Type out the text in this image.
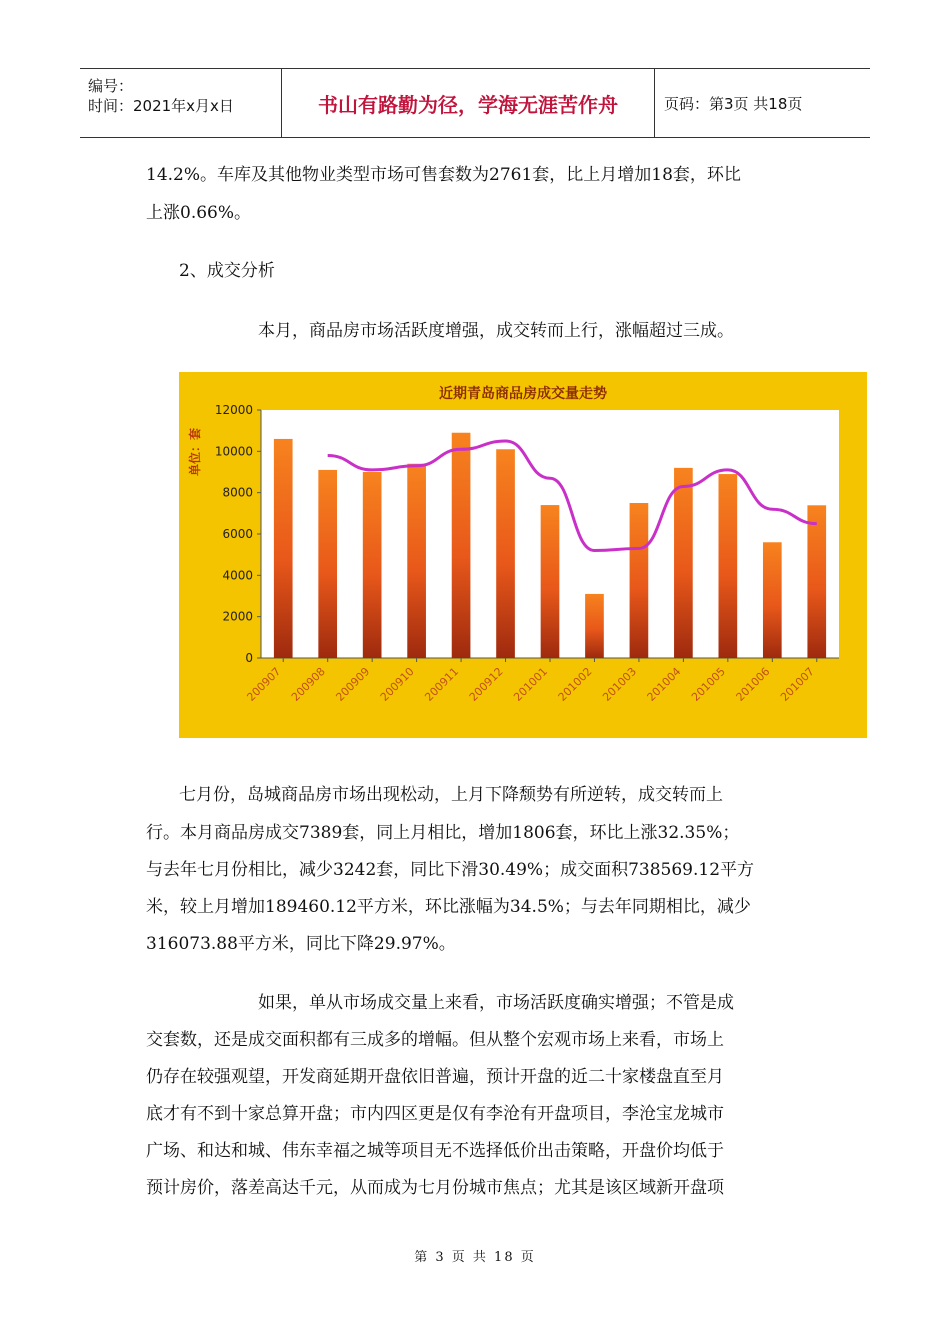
编号：
时间：2021年x月x日	书山有路勤为径，学海无涯苦作舟	页码：第3页 共18页
14.2%。车库及其他物业类型市场可售套数为2761套，比上月增加18套，环比
上涨0.66%。
2、成交分析
本月，商品房市场活跃度增强，成交转而上行，涨幅超过三成。
近期青岛商品房成交量走势
单位：套
12000
10000
8000
6000
4000
2000
0
200907 200908 200909 200910 200911 200912 201001 201002 201003 201004 201005 201006 201007
七月份，岛城商品房市场出现松动，上月下降颓势有所逆转，成交转而上
行。本月商品房成交7389套，同上月相比，增加1806套，环比上涨32.35%；
与去年七月份相比，减少3242套，同比下滑30.49%；成交面积738569.12平方
米，较上月增加189460.12平方米，环比涨幅为34.5%；与去年同期相比，减少
316073.88平方米，同比下降29.97%。
如果，单从市场成交量上来看，市场活跃度确实增强；不管是成
交套数，还是成交面积都有三成多的增幅。但从整个宏观市场上来看，市场上
仍存在较强观望，开发商延期开盘依旧普遍，预计开盘的近二十家楼盘直至月
底才有不到十家总算开盘；市内四区更是仅有李沧有开盘项目，李沧宝龙城市
广场、和达和城、伟东幸福之城等项目无不选择低价出击策略，开盘价均低于
预计房价，落差高达千元，从而成为七月份城市焦点；尤其是该区域新开盘项
第 3 页 共 18 页
